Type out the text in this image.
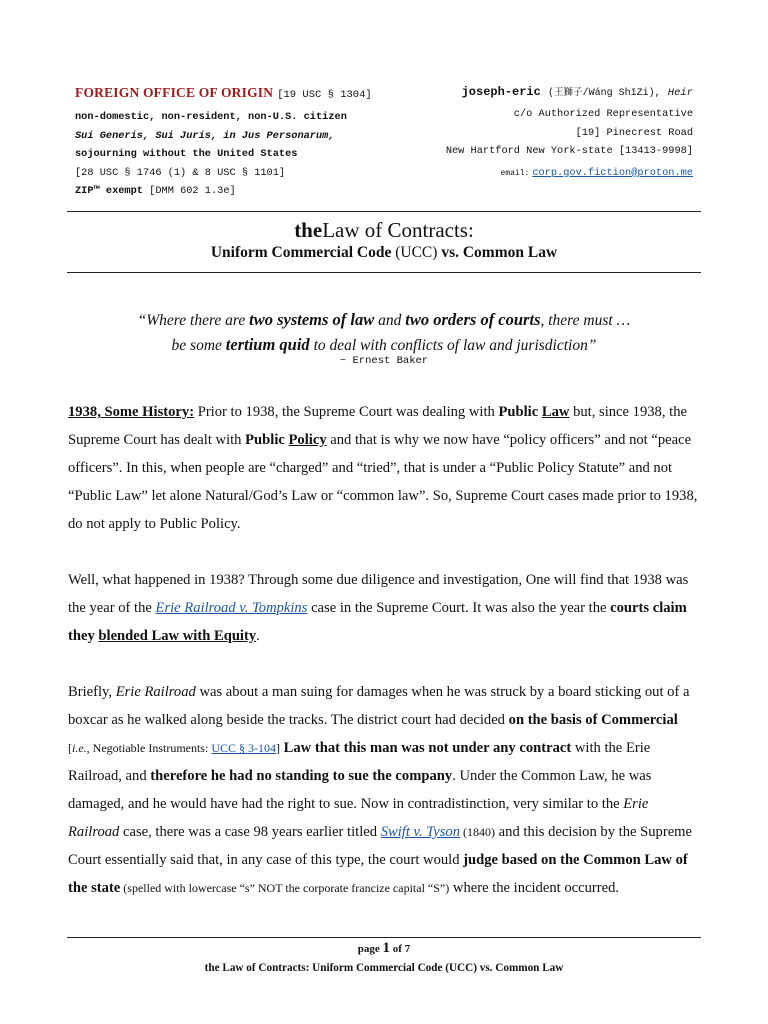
FOREIGN OFFICE OF ORIGIN [19 USC § 1304]
non-domestic, non-resident, non-U.S. citizen
Sui Generis, Sui Juris, in Jus Personarum,
sojourning without the United States
[28 USC § 1746 (1) & 8 USC § 1101]
ZIP™ exempt [DMM 602 1.3e]
joseph-eric (王獅子/Wáng ShīZi), Heir
c/o Authorized Representative
[19] Pinecrest Road
New Hartford New York-state [13413-9998]
email: corp.gov.fiction@proton.me
theLaw of Contracts:
Uniform Commercial Code (UCC) vs. Common Law
“Where there are two systems of law and two orders of courts, there must …
be some tertium quid to deal with conflicts of law and jurisdiction”
~ Ernest Baker

1938, Some History: Prior to 1938, the Supreme Court was dealing with Public Law but, since 1938, the Supreme Court has dealt with Public Policy and that is why we now have “policy officers” and not “peace officers”. In this, when people are “charged” and “tried”, that is under a “Public Policy Statute” and not “Public Law” let alone Natural/God’s Law or “common law”. So, Supreme Court cases made prior to 1938, do not apply to Public Policy.

Well, what happened in 1938? Through some due diligence and investigation, One will find that 1938 was the year of the Erie Railroad v. Tompkins case in the Supreme Court. It was also the year the courts claim they blended Law with Equity.

Briefly, Erie Railroad was about a man suing for damages when he was struck by a board sticking out of a boxcar as he walked along beside the tracks. The district court had decided on the basis of Commercial [i.e., Negotiable Instruments: UCC § 3-104] Law that this man was not under any contract with the Erie Railroad, and therefore he had no standing to sue the company. Under the Common Law, he was damaged, and he would have had the right to sue. Now in contradistinction, very similar to the Erie Railroad case, there was a case 98 years earlier titled Swift v. Tyson (1840) and this decision by the Supreme Court essentially said that, in any case of this type, the court would judge based on the Common Law of the state (spelled with lowercase “s” NOT the corporate francize capital “S”) where the incident occurred.

page 1 of 7
the Law of Contracts: Uniform Commercial Code (UCC) vs. Common Law
